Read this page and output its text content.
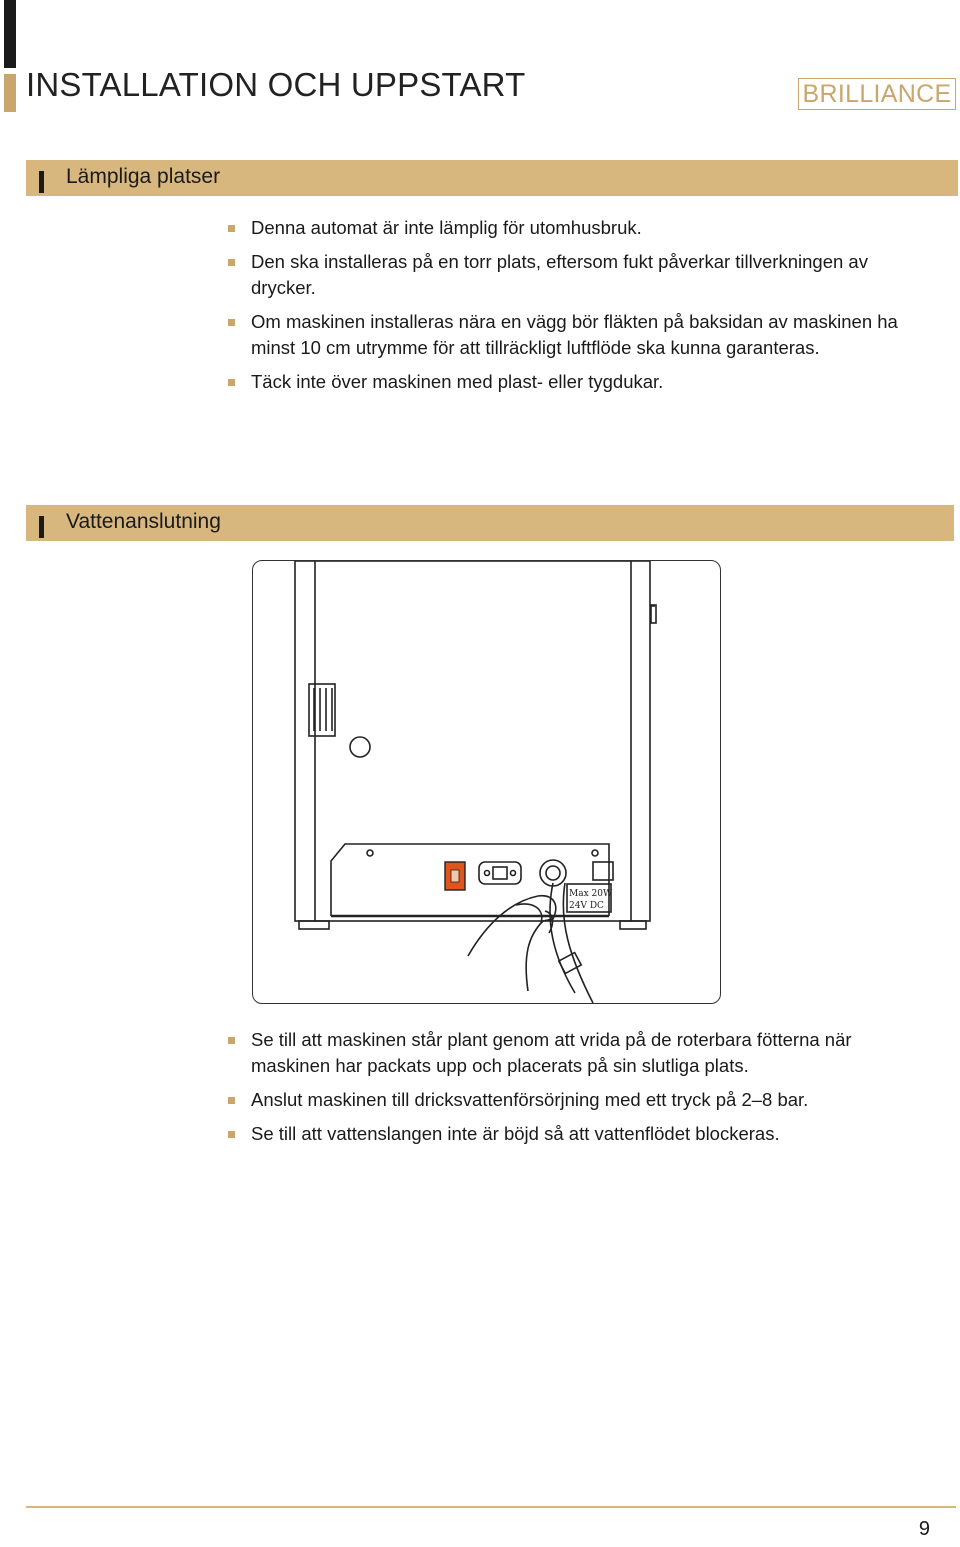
INSTALLATION OCH UPPSTART	BRILLIANCE
Lämpliga platser
Denna automat är inte lämplig för utomhusbruk.
Den ska installeras på en torr plats, eftersom fukt påverkar tillverkningen av drycker.
Om maskinen installeras nära en vägg bör fläkten på baksidan av maskinen ha minst 10 cm utrymme för att tillräckligt luftflöde ska kunna garanteras.
Täck inte över maskinen med plast- eller tygdukar.
Vattenanslutning
Max 20W
24V DC
Se till att maskinen står plant genom att vrida på de roterbara fötterna när maskinen har packats upp och placerats på sin slutliga plats.
Anslut maskinen till dricksvattenförsörjning med ett tryck på 2–8 bar.
Se till att vattenslangen inte är böjd så att vattenflödet blockeras.
9
